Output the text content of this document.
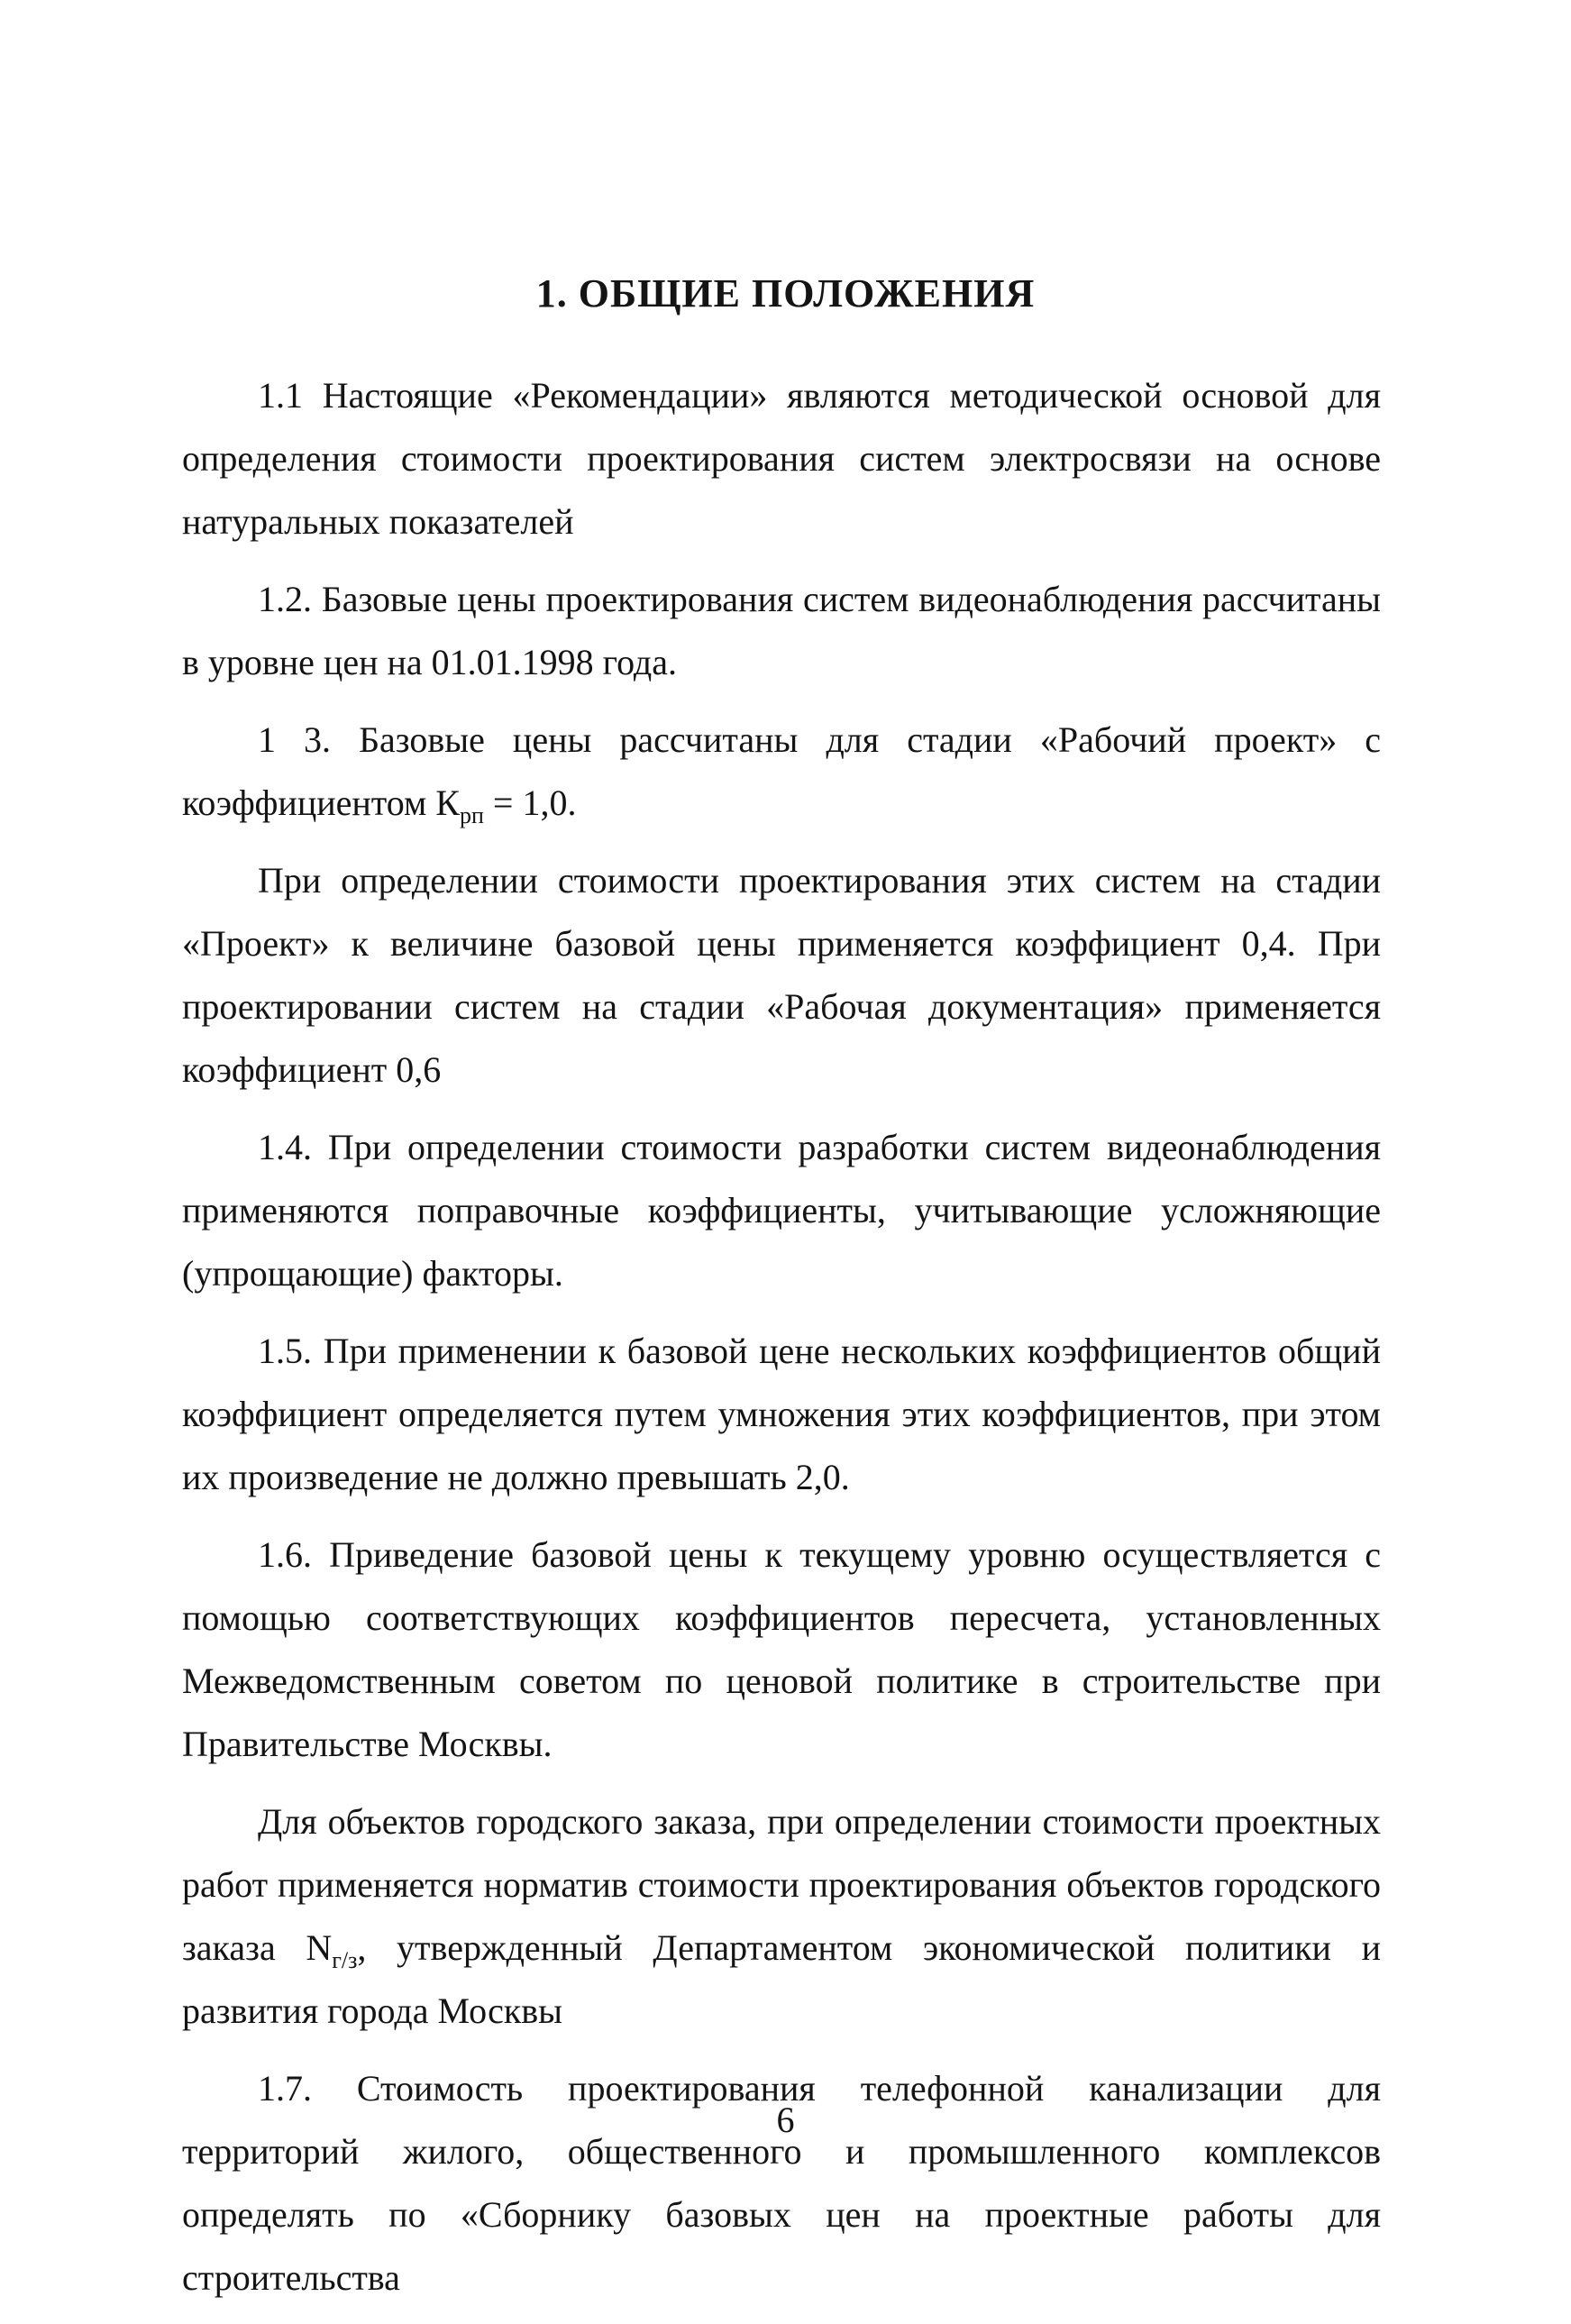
1. ОБЩИЕ ПОЛОЖЕНИЯ

1.1 Настоящие «Рекомендации» являются методической основой для определения стоимости проектирования систем электросвязи на основе натуральных показателей

1.2. Базовые цены проектирования систем видеонаблюдения рассчитаны в уровне цен на 01.01.1998 года.

1 3. Базовые цены рассчитаны для стадии «Рабочий проект» с коэффициентом $К_{рп} = 1,0$.

При определении стоимости проектирования этих систем на стадии «Проект» к величине базовой цены применяется коэффициент 0,4. При проектировании систем на стадии «Рабочая документация» применяется коэффициент 0,6

1.4. При определении стоимости разработки систем видеонаблюдения применяются поправочные коэффициенты, учитывающие усложняющие (упрощающие) факторы.

1.5. При применении к базовой цене нескольких коэффициентов общий коэффициент определяется путем умножения этих коэффициентов, при этом их произведение не должно превышать 2,0.

1.6. Приведение базовой цены к текущему уровню осуществляется с помощью соответствующих коэффициентов пересчета, установленных Межведомственным советом по ценовой политике в строительстве при Правительстве Москвы.

Для объектов городского заказа, при определении стоимости проектных работ применяется норматив стоимости проектирования объектов городского заказа $N_{г/з}$, утвержденный Департаментом экономической политики и развития города Москвы

1.7. Стоимость проектирования телефонной канализации для территорий жилого, общественного и промышленного комплексов определять по «Сборнику базовых цен на проектные работы для строительства

6
